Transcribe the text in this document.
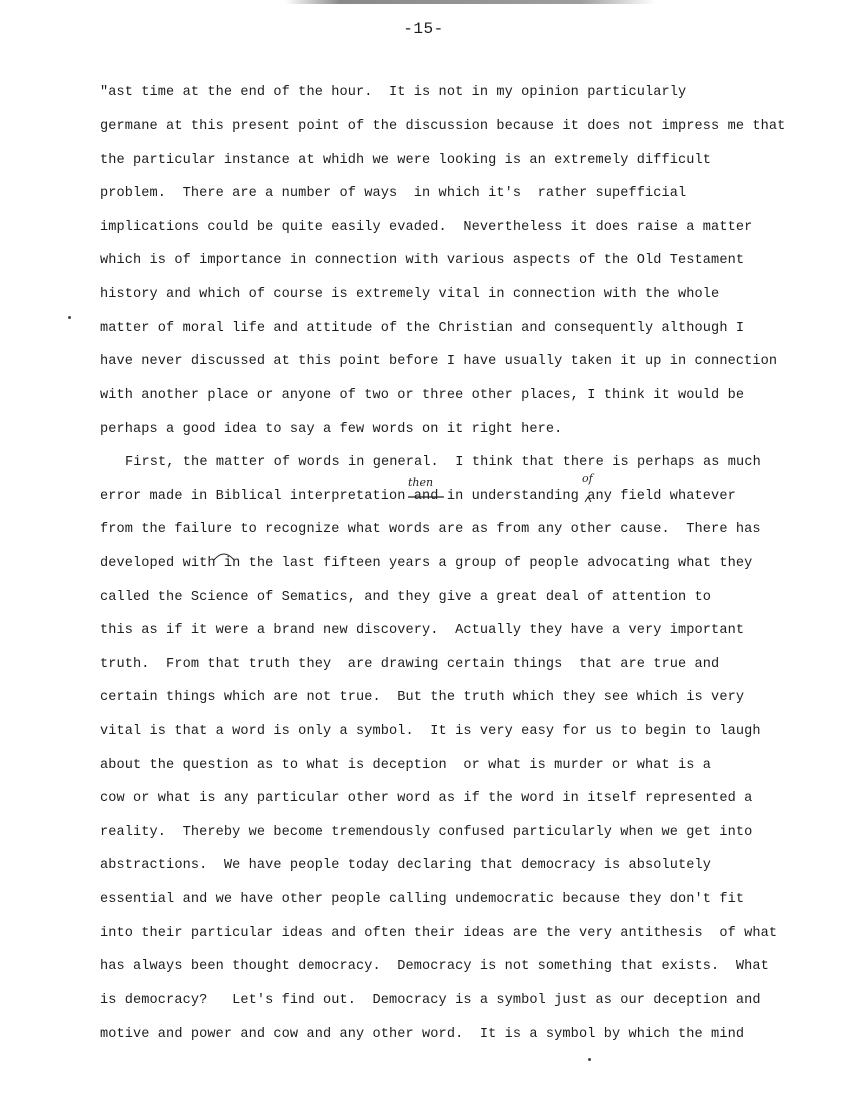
-15-
"ast time at the end of the hour.  It is not in my opinion particularly
germane at this present point of the discussion because it does not impress me that
the particular instance at whidh we were looking is an extremely difficult
problem.  There are a number of ways  in which it's  rather supefficial
implications could be quite easily evaded.  Nevertheless it does raise a matter
which is of importance in connection with various aspects of the Old Testament
history and which of course is extremely vital in connection with the whole
matter of moral life and attitude of the Christian and consequently although I
have never discussed at this point before I have usually taken it up in connection
with another place or anyone of two or three other places, I think it would be
perhaps a good idea to say a few words on it right here.
First, the matter of words in general.  I think that there is perhaps as much
error made in Biblical interpretation and in understanding any field whatever
from the failure to recognize what words are as from any other cause.  There has
developed with in the last fifteen years a group of people advocating what they
called the Science of Sematics, and they give a great deal of attention to
this as if it were a brand new discovery.  Actually they have a very important
truth.  From that truth they  are drawing certain things  that are true and
certain things which are not true.  But the truth which they see which is very
vital is that a word is only a symbol.  It is very easy for us to begin to laugh
about the question as to what is deception  or what is murder or what is a
cow or what is any particular other word as if the word in itself represented a
reality.  Thereby we become tremendously confused particularly when we get into
abstractions.  We have people today declaring that democracy is absolutely
essential and we have other people calling undemocratic because they don't fit
into their particular ideas and often their ideas are the very antithesis  of what
has always been thought democracy.  Democracy is not something that exists.  What
is democracy?   Let's find out.  Democracy is a symbol just as our deception and
motive and power and cow and any other word.  It is a symbol by which the mind
then	of
